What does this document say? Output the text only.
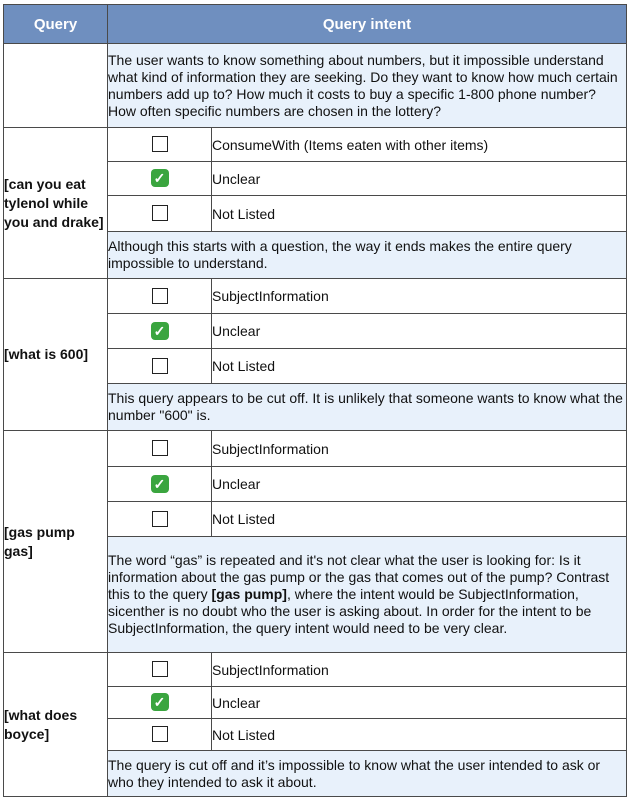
Query	Query intent	
	The user wants to know something about numbers, but it impossible understand what kind of information they are seeking. Do they want to know how much certain numbers add up to? How much it costs to buy a specific 1-800 phone number? How often specific numbers are chosen in the lottery?	
[can you eat tylenol while you and drake]		ConsumeWith (Items eaten with other items)
	✓	Unclear
		Not Listed
	Although this starts with a question, the way it ends makes the entire query impossible to understand.	
[what is 600]		SubjectInformation
	✓	Unclear
		Not Listed
	This query appears to be cut off. It is unlikely that someone wants to know what the number "600" is.	
[gas pump gas]		SubjectInformation
	✓	Unclear
		Not Listed
	The word “gas” is repeated and it's not clear what the user is looking for: Is it information about the gas pump or the gas that comes out of the pump? Contrast this to the query [gas pump], where the intent would be SubjectInformation, sicenther is no doubt who the user is asking about. In order for the intent to be SubjectInformation, the query intent would need to be very clear.	
[what does boyce]		SubjectInformation
	✓	Unclear
		Not Listed
	The query is cut off and it’s impossible to know what the user intended to ask or who they intended to ask it about.	
